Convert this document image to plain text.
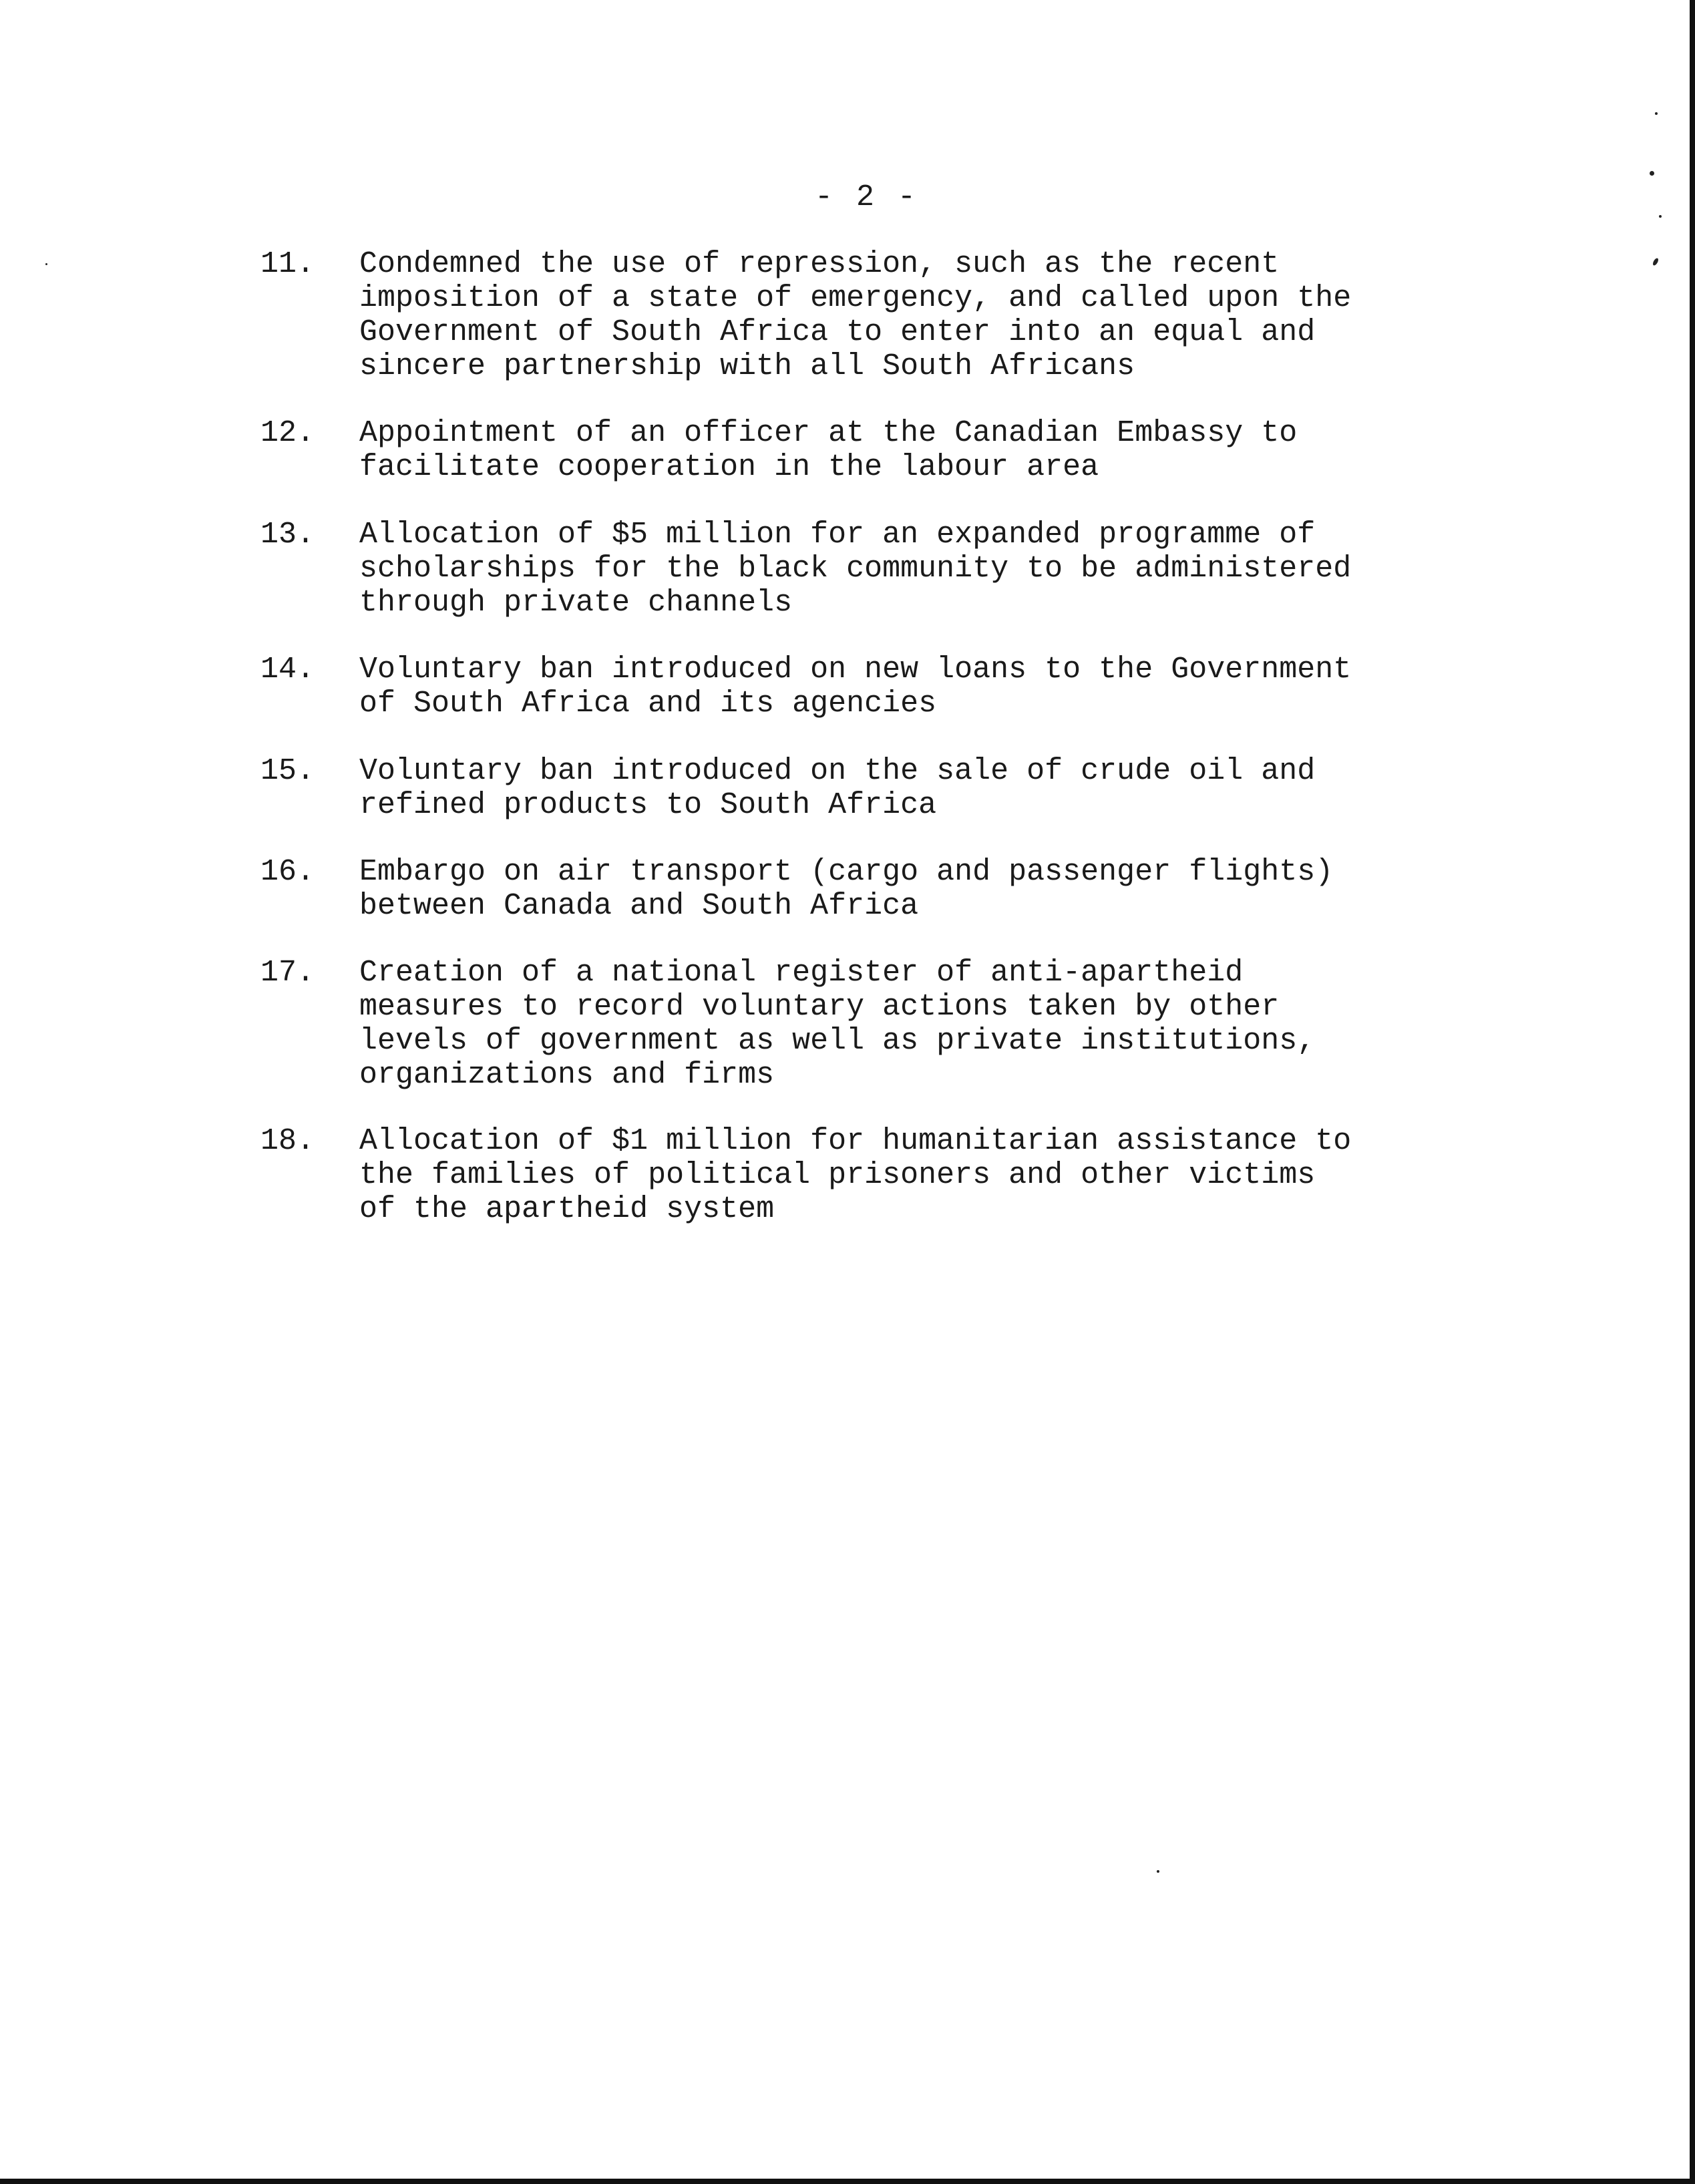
- 2 -
11.	Condemned the use of repression, such as the recent
imposition of a state of emergency, and called upon the
Government of South Africa to enter into an equal and
sincere partnership with all South Africans
12.	Appointment of an officer at the Canadian Embassy to
facilitate cooperation in the labour area
13.	Allocation of $5 million for an expanded programme of
scholarships for the black community to be administered
through private channels
14.	Voluntary ban introduced on new loans to the Government
of South Africa and its agencies
15.	Voluntary ban introduced on the sale of crude oil and
refined products to South Africa
16.	Embargo on air transport (cargo and passenger flights)
between Canada and South Africa
17.	Creation of a national register of anti-apartheid
measures to record voluntary actions taken by other
levels of government as well as private institutions,
organizations and firms
18.	Allocation of $1 million for humanitarian assistance to
the families of political prisoners and other victims
of the apartheid system
